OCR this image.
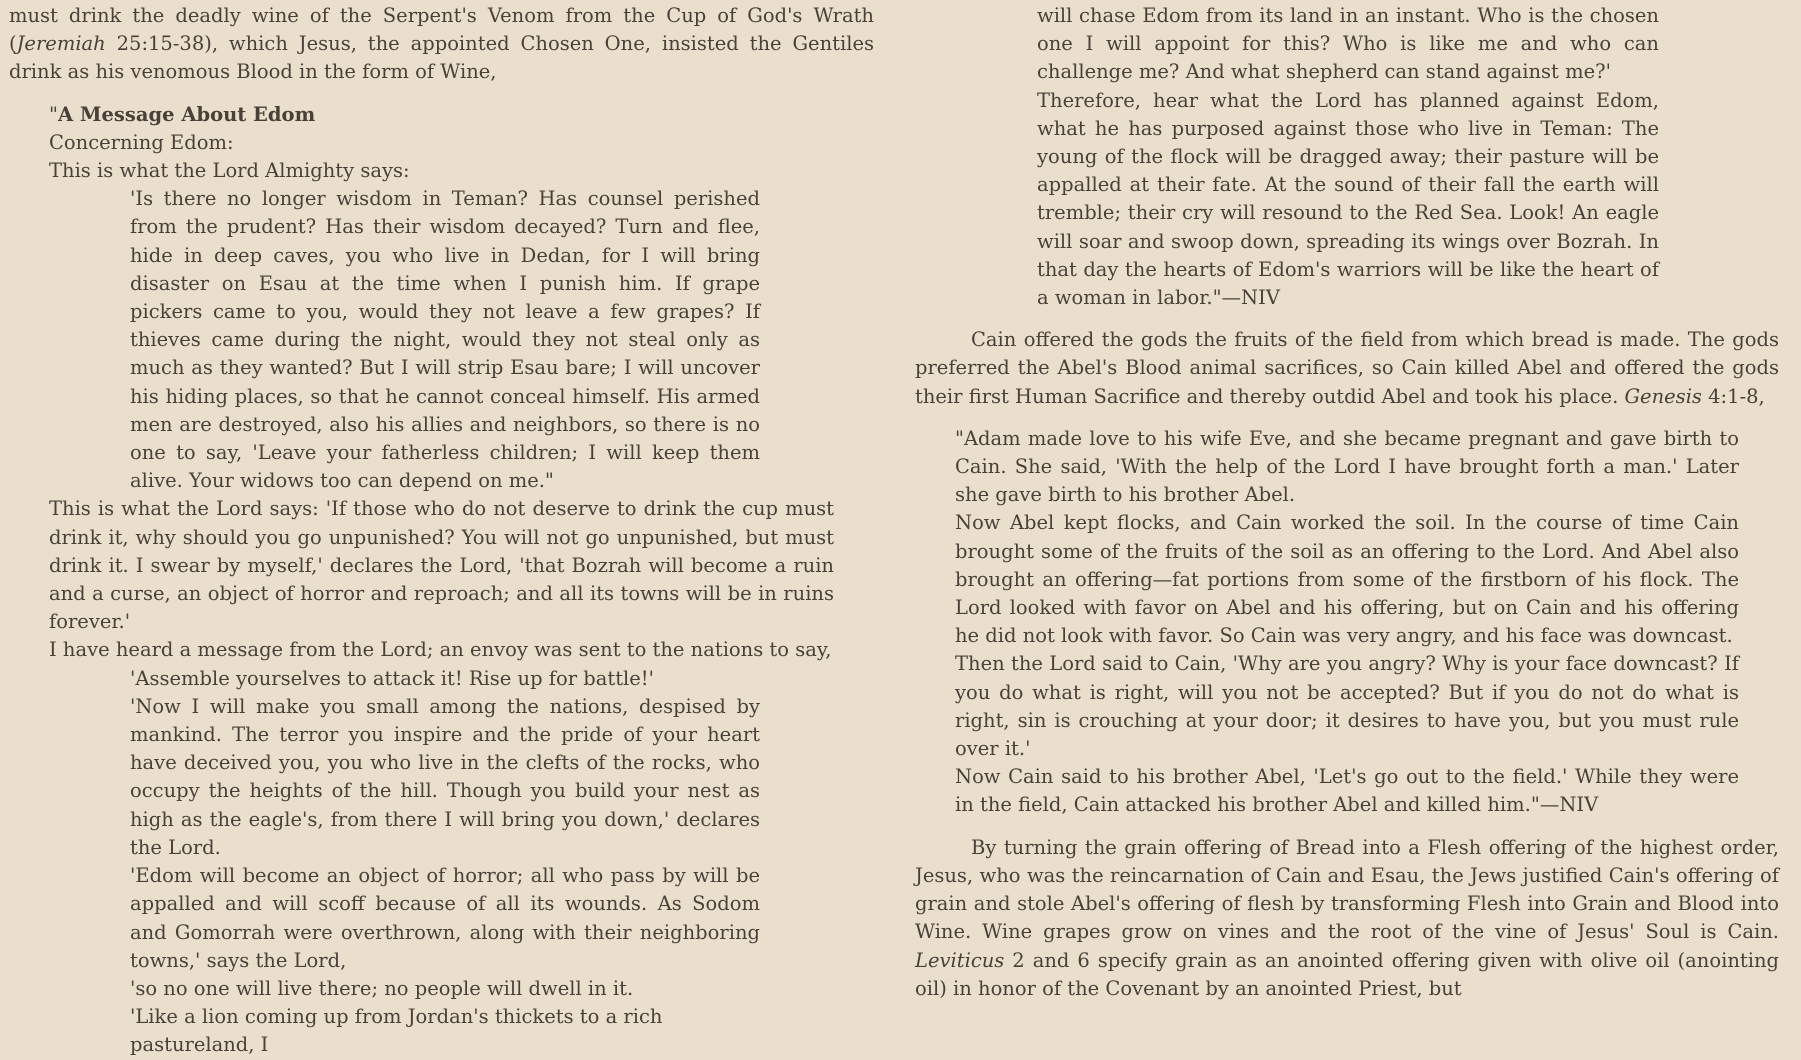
must drink the deadly wine of the Serpent's Venom from the Cup of God's Wrath (Jeremiah 25:15-38), which Jesus, the appointed Chosen One, insisted the Gentiles drink as his venomous Blood in the form of Wine,

"A Message About Edom

Concerning Edom:

This is what the Lord Almighty says:

'Is there no longer wisdom in Teman? Has counsel perished from the prudent? Has their wisdom decayed? Turn and flee, hide in deep caves, you who live in Dedan, for I will bring disaster on Esau at the time when I punish him. If grape pickers came to you, would they not leave a few grapes? If thieves came during the night, would they not steal only as much as they wanted? But I will strip Esau bare; I will uncover his hiding places, so that he cannot conceal himself. His armed men are destroyed, also his allies and neighbors, so there is no one to say, 'Leave your fatherless children; I will keep them alive. Your widows too can depend on me."

This is what the Lord says: 'If those who do not deserve to drink the cup must drink it, why should you go unpunished? You will not go unpunished, but must drink it. I swear by myself,' declares the Lord, 'that Bozrah will become a ruin and a curse, an object of horror and reproach; and all its towns will be in ruins forever.'

I have heard a message from the Lord; an envoy was sent to the nations to say,

'Assemble yourselves to attack it! Rise up for battle!'

'Now I will make you small among the nations, despised by mankind. The terror you inspire and the pride of your heart have deceived you, you who live in the clefts of the rocks, who occupy the heights of the hill. Though you build your nest as high as the eagle's, from there I will bring you down,' declares the Lord.

'Edom will become an object of horror; all who pass by will be appalled and will scoff because of all its wounds. As Sodom and Gomorrah were overthrown, along with their neighboring towns,' says the Lord,

'so no one will live there; no people will dwell in it.

'Like a lion coming up from Jordan's thickets to a rich pastureland, I

will chase Edom from its land in an instant. Who is the chosen one I will appoint for this? Who is like me and who can challenge me? And what shepherd can stand against me?'

Therefore, hear what the Lord has planned against Edom, what he has purposed against those who live in Teman: The young of the flock will be dragged away; their pasture will be appalled at their fate. At the sound of their fall the earth will tremble; their cry will resound to the Red Sea. Look! An eagle will soar and swoop down, spreading its wings over Bozrah. In that day the hearts of Edom's warriors will be like the heart of a woman in labor."—NIV

Cain offered the gods the fruits of the field from which bread is made. The gods preferred the Abel's Blood animal sacrifices, so Cain killed Abel and offered the gods their first Human Sacrifice and thereby outdid Abel and took his place. Genesis 4:1-8,

"Adam made love to his wife Eve, and she became pregnant and gave birth to Cain. She said, 'With the help of the Lord I have brought forth a man.' Later she gave birth to his brother Abel.

Now Abel kept flocks, and Cain worked the soil. In the course of time Cain brought some of the fruits of the soil as an offering to the Lord. And Abel also brought an offering—fat portions from some of the firstborn of his flock. The Lord looked with favor on Abel and his offering, but on Cain and his offering he did not look with favor. So Cain was very angry, and his face was downcast.

Then the Lord said to Cain, 'Why are you angry? Why is your face downcast? If you do what is right, will you not be accepted? But if you do not do what is right, sin is crouching at your door; it desires to have you, but you must rule over it.'

Now Cain said to his brother Abel, 'Let's go out to the field.' While they were in the field, Cain attacked his brother Abel and killed him."—NIV

By turning the grain offering of Bread into a Flesh offering of the highest order, Jesus, who was the reincarnation of Cain and Esau, the Jews justified Cain's offering of grain and stole Abel's offering of flesh by transforming Flesh into Grain and Blood into Wine. Wine grapes grow on vines and the root of the vine of Jesus' Soul is Cain. Leviticus 2 and 6 specify grain as an anointed offering given with olive oil (anointing oil) in honor of the Covenant by an anointed Priest, but
